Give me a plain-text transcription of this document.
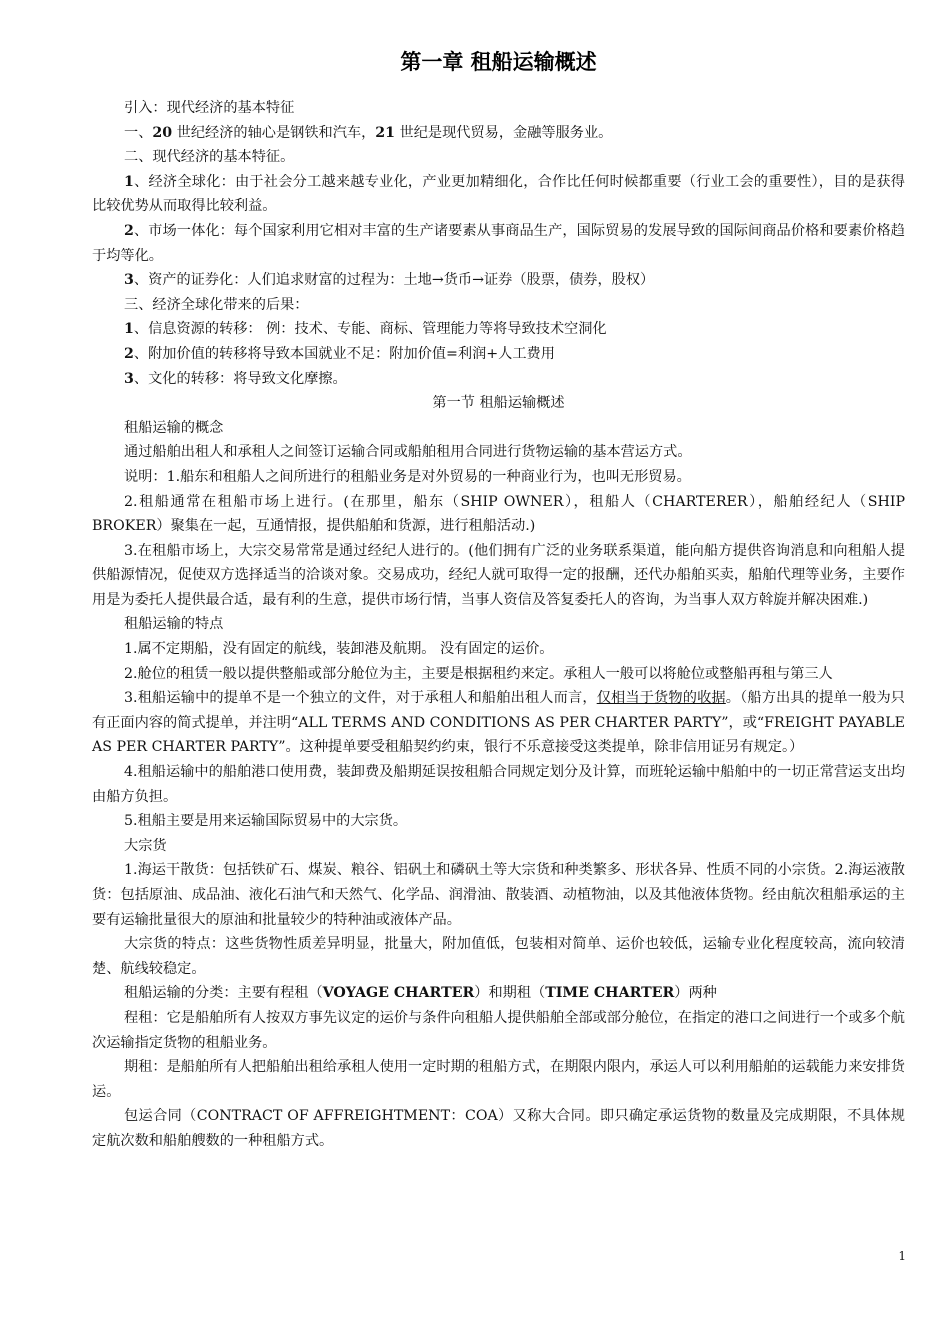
第一章 租船运输概述

引入：现代经济的基本特征

一、20 世纪经济的轴心是钢铁和汽车，21 世纪是现代贸易，金融等服务业。

二、现代经济的基本特征。

1、经济全球化：由于社会分工越来越专业化，产业更加精细化，合作比任何时候都重要（行业工会的重要性），目的是获得比较优势从而取得比较利益。

2、市场一体化：每个国家利用它相对丰富的生产诸要素从事商品生产，国际贸易的发展导致的国际间商品价格和要素价格趋于均等化。

3、资产的证券化：人们追求财富的过程为：土地→货币→证券（股票，债券，股权）

三、经济全球化带来的后果：

1、信息资源的转移： 例：技术、专能、商标、管理能力等将导致技术空洞化

2、附加价值的转移将导致本国就业不足：附加价值=利润+人工费用

3、文化的转移：将导致文化摩擦。

第一节 租船运输概述

租船运输的概念

通过船舶出租人和承租人之间签订运输合同或船舶租用合同进行货物运输的基本营运方式。

说明：1.船东和租船人之间所进行的租船业务是对外贸易的一种商业行为，也叫无形贸易。

2.租船通常在租船市场上进行。(在那里，船东（SHIP OWNER），租船人（CHARTERER），船舶经纪人（SHIP BROKER）聚集在一起，互通情报，提供船舶和货源，进行租船活动.)

3.在租船市场上，大宗交易常常是通过经纪人进行的。(他们拥有广泛的业务联系渠道，能向船方提供咨询消息和向租船人提供船源情况，促使双方选择适当的洽谈对象。交易成功，经纪人就可取得一定的报酬，还代办船舶买卖，船舶代理等业务，主要作用是为委托人提供最合适，最有利的生意，提供市场行情，当事人资信及答复委托人的咨询，为当事人双方斡旋并解决困难.)

租船运输的特点

1.属不定期船，没有固定的航线，装卸港及航期。 没有固定的运价。

2.舱位的租赁一般以提供整船或部分舱位为主，主要是根据租约来定。承租人一般可以将舱位或整船再租与第三人

3.租船运输中的提单不是一个独立的文件，对于承租人和船舶出租人而言，仅相当于货物的收据。（船方出具的提单一般为只有正面内容的简式提单，并注明“ALL TERMS AND CONDITIONS AS PER CHARTER PARTY”，或“FREIGHT PAYABLE AS PER CHARTER PARTY”。这种提单要受租船契约约束，银行不乐意接受这类提单，除非信用证另有规定。）

4.租船运输中的船舶港口使用费，装卸费及船期延误按租船合同规定划分及计算，而班轮运输中船舶中的一切正常营运支出均由船方负担。

5.租船主要是用来运输国际贸易中的大宗货。

大宗货

1.海运干散货：包括铁矿石、煤炭、粮谷、铝矾土和磷矾土等大宗货和种类繁多、形状各异、性质不同的小宗货。2.海运液散货：包括原油、成品油、液化石油气和天然气、化学品、润滑油、散装酒、动植物油，以及其他液体货物。经由航次租船承运的主要有运输批量很大的原油和批量较少的特种油或液体产品。

大宗货的特点：这些货物性质差异明显，批量大，附加值低，包装相对简单、运价也较低，运输专业化程度较高，流向较清楚、航线较稳定。

租船运输的分类：主要有程租（VOYAGE CHARTER）和期租（TIME CHARTER）两种

程租：它是船舶所有人按双方事先议定的运价与条件向租船人提供船舶全部或部分舱位，在指定的港口之间进行一个或多个航次运输指定货物的租船业务。

期租：是船舶所有人把船舶出租给承租人使用一定时期的租船方式，在期限内限内，承运人可以利用船舶的运载能力来安排货运。

包运合同（CONTRACT OF AFFREIGHTMENT：COA）又称大合同。即只确定承运货物的数量及完成期限，不具体规定航次数和船舶艘数的一种租船方式。

1
